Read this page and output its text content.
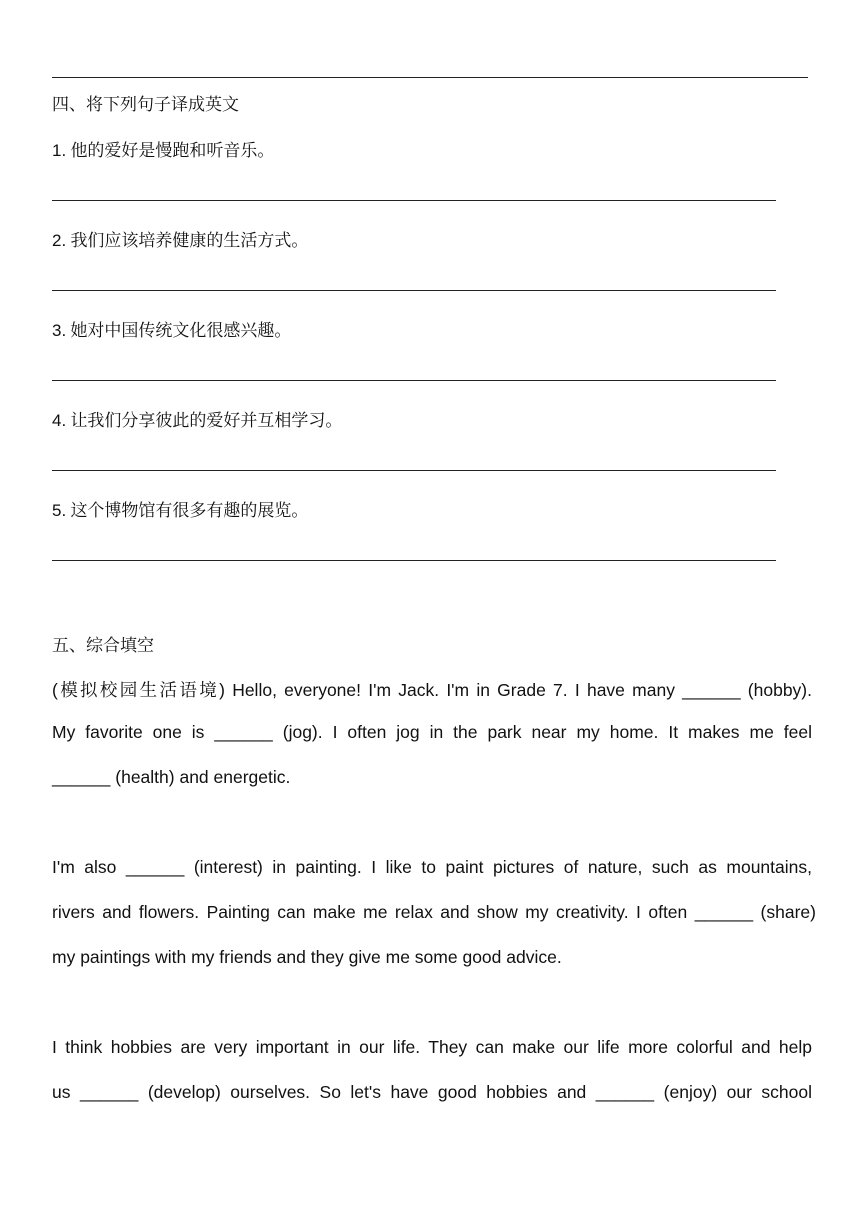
四、将下列句子译成英文
1. 他的爱好是慢跑和听音乐。
2. 我们应该培养健康的生活方式。
3. 她对中国传统文化很感兴趣。
4. 让我们分享彼此的爱好并互相学习。
5. 这个博物馆有很多有趣的展览。
五、综合填空
(模拟校园生活语境) Hello, everyone! I'm Jack. I'm in Grade 7. I have many ______ (hobby).
My favorite one is ______ (jog). I often jog in the park near my home. It makes me feel
______ (health) and energetic.
I'm also ______ (interest) in painting. I like to paint pictures of nature, such as mountains,
rivers and flowers. Painting can make me relax and show my creativity. I often ______ (share)
my paintings with my friends and they give me some good advice.
I think hobbies are very important in our life. They can make our life more colorful and help
us ______ (develop) ourselves. So let's have good hobbies and ______ (enjoy) our school
